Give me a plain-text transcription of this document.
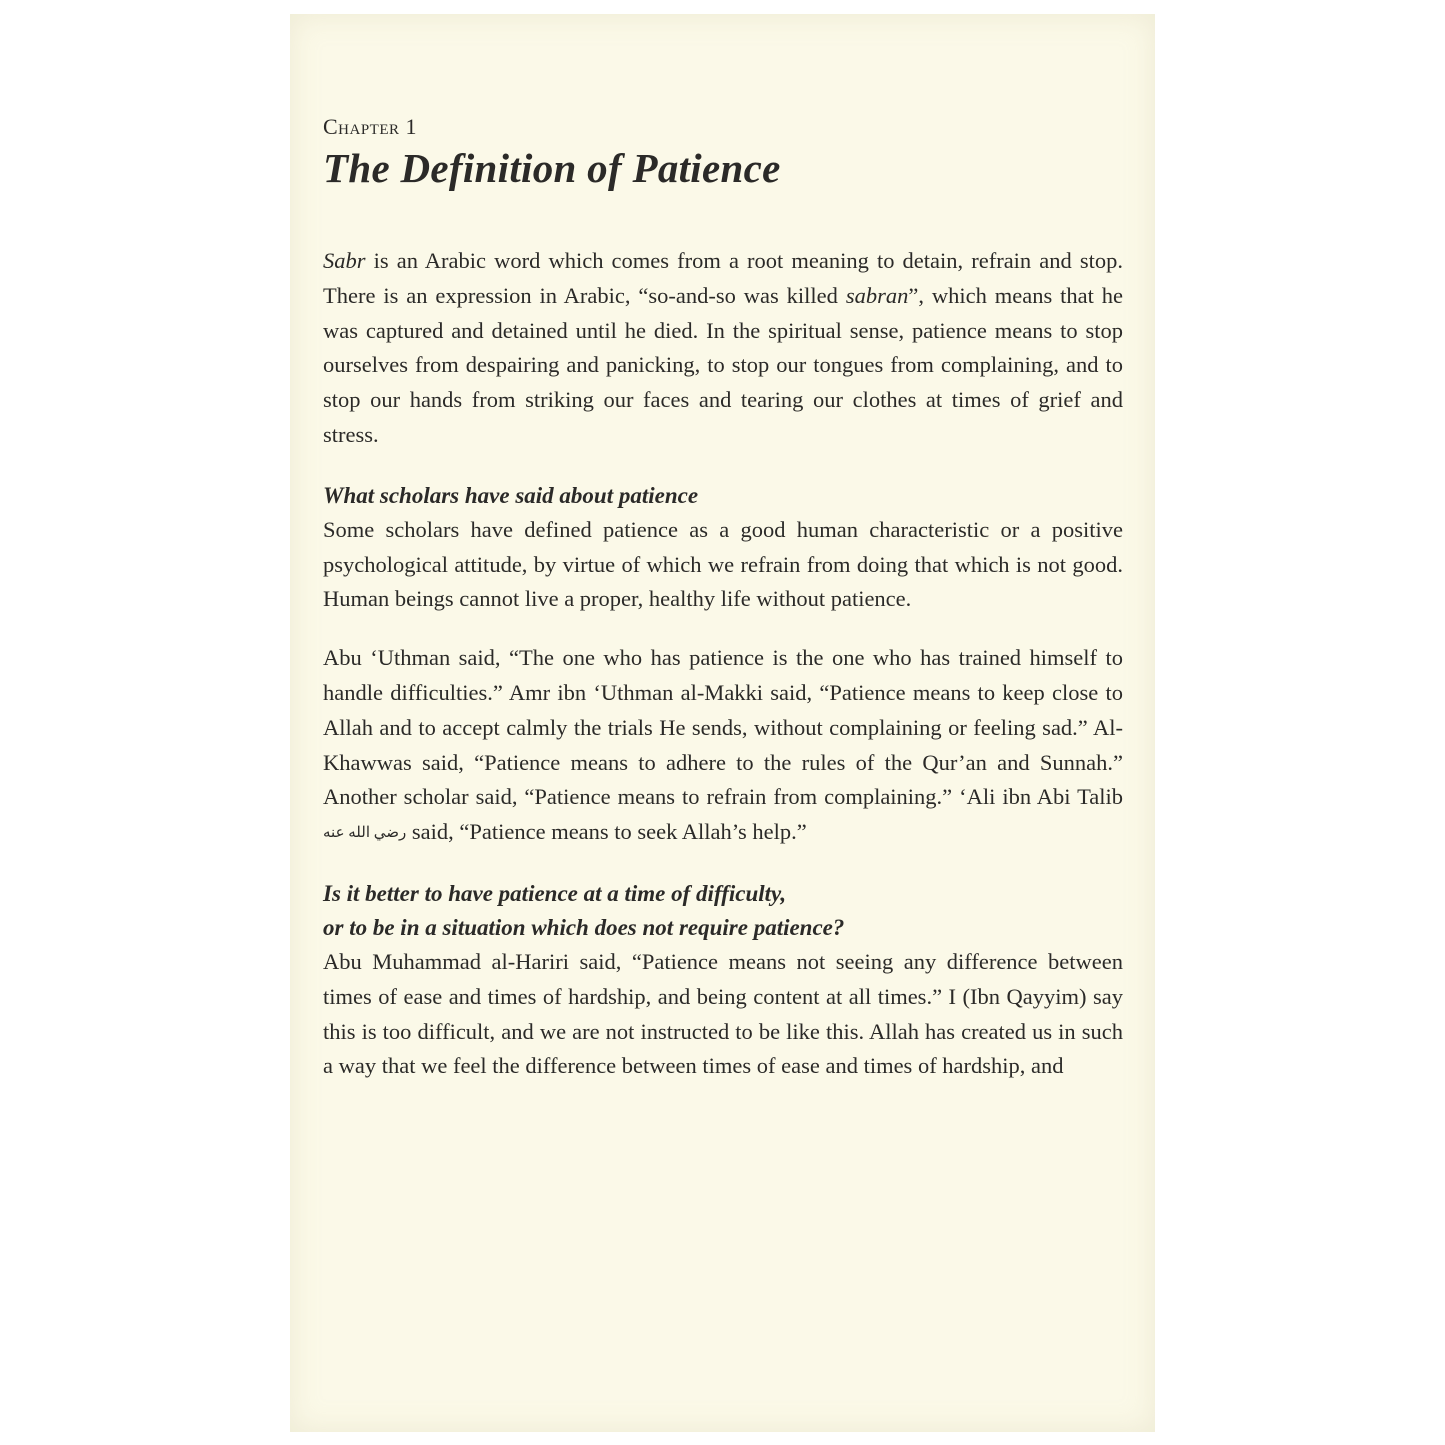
Chapter 1

The Definition of Patience

Sabr is an Arabic word which comes from a root meaning to detain, refrain and stop. There is an expression in Arabic, “so-and-so was killed sabran”, which means that he was captured and detained until he died. In the spiritual sense, patience means to stop ourselves from despairing and panicking, to stop our tongues from complaining, and to stop our hands from striking our faces and tearing our clothes at times of grief and stress.

What scholars have said about patience

Some scholars have defined patience as a good human characteristic or a positive psychological attitude, by virtue of which we refrain from doing that which is not good. Human beings cannot live a proper, healthy life without patience.

Abu ‘Uthman said, “The one who has patience is the one who has trained himself to handle difficulties.” Amr ibn ‘Uthman al-Makki said, “Patience means to keep close to Allah and to accept calmly the trials He sends, without complaining or feeling sad.” Al-Khawwas said, “Patience means to adhere to the rules of the Qur’an and Sunnah.” Another scholar said, “Patience means to refrain from complaining.” ‘Ali ibn Abi Talib رضي الله عنه said, “Patience means to seek Allah’s help.”

Is it better to have patience at a time of difficulty,
or to be in a situation which does not require patience?

Abu Muhammad al-Hariri said, “Patience means not seeing any difference between times of ease and times of hardship, and being content at all times.” I (Ibn Qayyim) say this is too difficult, and we are not instructed to be like this. Allah has created us in such a way that we feel the difference between times of ease and times of hardship, and
